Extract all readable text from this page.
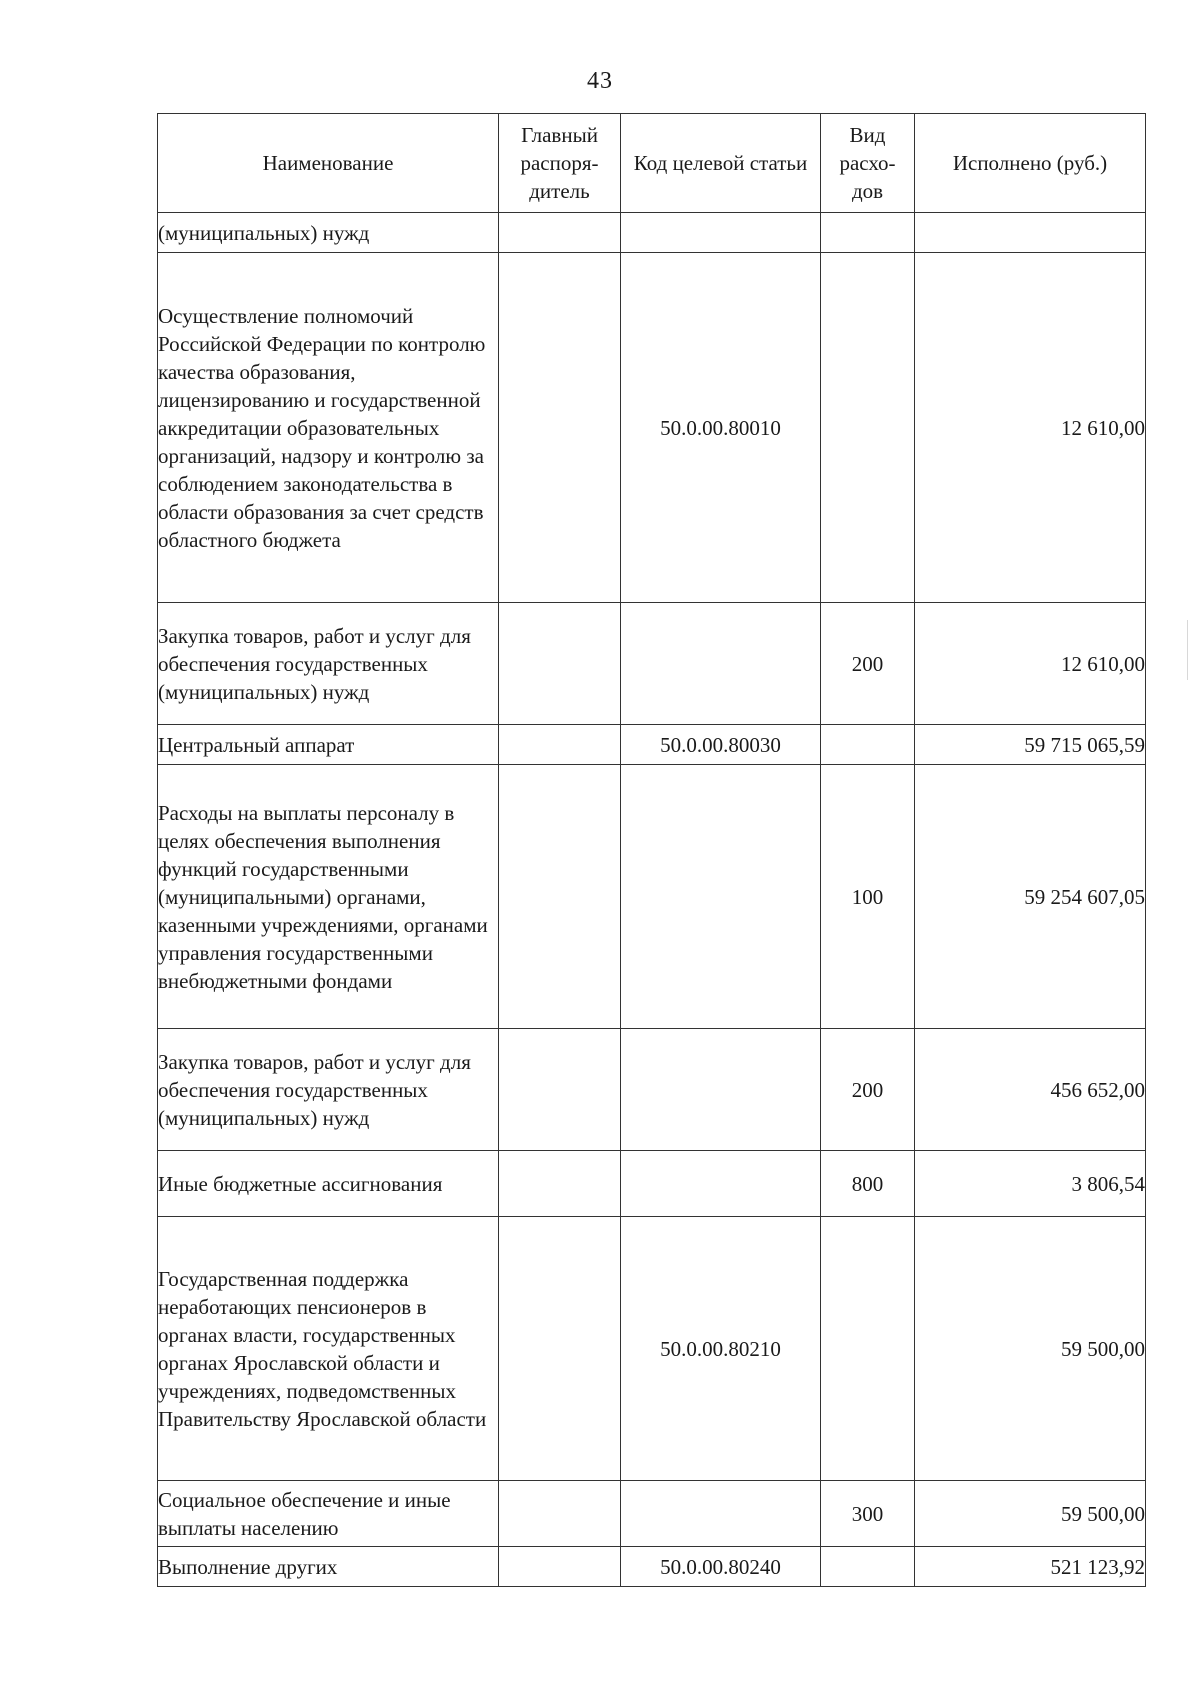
43
Наименование	Главный распоря-дитель	Код целевой статьи	Вид расхо-дов	Исполнено (руб.)
(муниципальных) нужд				
Осуществление полномочий Российской Федерации по контролю качества образования, лицензированию и государственной аккредитации образовательных организаций, надзору и контролю за соблюдением законодательства в области образования за счет средств областного бюджета		50.0.00.80010		12 610,00
Закупка товаров, работ и услуг для обеспечения государственных (муниципальных) нужд			200	12 610,00
Центральный аппарат		50.0.00.80030		59 715 065,59
Расходы на выплаты персоналу в целях обеспечения выполнения функций государственными (муниципальными) органами, казенными учреждениями, органами управления государственными внебюджетными фондами			100	59 254 607,05
Закупка товаров, работ и услуг для обеспечения государственных (муниципальных) нужд			200	456 652,00
Иные бюджетные ассигнования			800	3 806,54
Государственная поддержка неработающих пенсионеров в органах власти, государственных органах Ярославской области и учреждениях, подведомственных Правительству Ярославской области		50.0.00.80210		59 500,00
Социальное обеспечение и иные выплаты населению			300	59 500,00
Выполнение других		50.0.00.80240		521 123,92
